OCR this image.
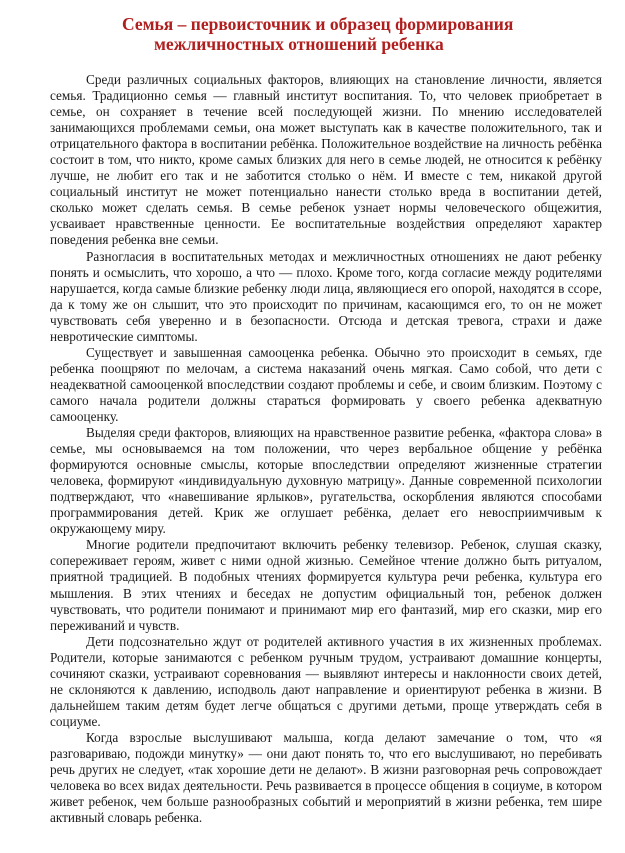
Семья – первоисточник и образец формирования
межличностных отношений ребенка

Среди различных социальных факторов, влияющих на становление личности, является семья. Традиционно семья — главный институт воспитания. То, что человек приобретает в семье, он сохраняет в течение всей последующей жизни. По мнению исследователей занимающихся проблемами семьи, она может выступать как в качестве положительного, так и отрицательного фактора в воспитании ребёнка. Положительное воздействие на личность ребёнка состоит в том, что никто, кроме самых близких для него в семье людей, не относится к ребёнку лучше, не любит его так и не заботится столько о нём. И вместе с тем, никакой другой социальный институт не может потенциально нанести столько вреда в воспитании детей, сколько может сделать семья. В семье ребенок узнает нормы человеческого общежития, усваивает нравственные ценности. Ее воспитательные воздействия определяют характер поведения ребенка вне семьи.

Разногласия в воспитательных методах и межличностных отношениях не дают ребенку понять и осмыслить, что хорошо, а что — плохо. Кроме того, когда согласие между родителями нарушается, когда самые близкие ребенку люди лица, являющиеся его опорой, находятся в ссоре, да к тому же он слышит, что это происходит по причинам, касающимся его, то он не может чувствовать себя уверенно и в безопасности. Отсюда и детская тревога, страхи и даже невротические симптомы.

Существует и завышенная самооценка ребенка. Обычно это происходит в семьях, где ребенка поощряют по мелочам, а система наказаний очень мягкая. Само собой, что дети с неадекватной самооценкой впоследствии создают проблемы и себе, и своим близким. Поэтому с самого начала родители должны стараться формировать у своего ребенка адекватную самооценку.

Выделяя среди факторов, влияющих на нравственное развитие ребенка, «фактора слова» в семье, мы основываемся на том положении, что через вербальное общение у ребёнка формируются основные смыслы, которые впоследствии определяют жизненные стратегии человека, формируют «индивидуальную духовную матрицу». Данные современной психологии подтверждают, что «навешивание ярлыков», ругательства, оскорбления являются способами программирования детей. Крик же оглушает ребёнка, делает его невосприимчивым к окружающему миру.

Многие родители предпочитают включить ребенку телевизор. Ребенок, слушая сказку, сопереживает героям, живет с ними одной жизнью. Семейное чтение должно быть ритуалом, приятной традицией. В подобных чтениях формируется культура речи ребенка, культура его мышления. В этих чтениях и беседах не допустим официальный тон, ребенок должен чувствовать, что родители понимают и принимают мир его фантазий, мир его сказки, мир его переживаний и чувств.

Дети подсознательно ждут от родителей активного участия в их жизненных проблемах. Родители, которые занимаются с ребенком ручным трудом, устраивают домашние концерты, сочиняют сказки, устраивают соревнования — выявляют интересы и наклонности своих детей, не склоняются к давлению, исподволь дают направление и ориентируют ребенка в жизни. В дальнейшем таким детям будет легче общаться с другими детьми, проще утверждать себя в социуме.

Когда взрослые выслушивают малыша, когда делают замечание о том, что «я разговариваю, подожди минутку» — они дают понять то, что его выслушивают, но перебивать речь других не следует, «так хорошие дети не делают». В жизни разговорная речь сопровождает человека во всех видах деятельности. Речь развивается в процессе общения в социуме, в котором живет ребенок, чем больше разнообразных событий и мероприятий в жизни ребенка, тем шире активный словарь ребенка.
